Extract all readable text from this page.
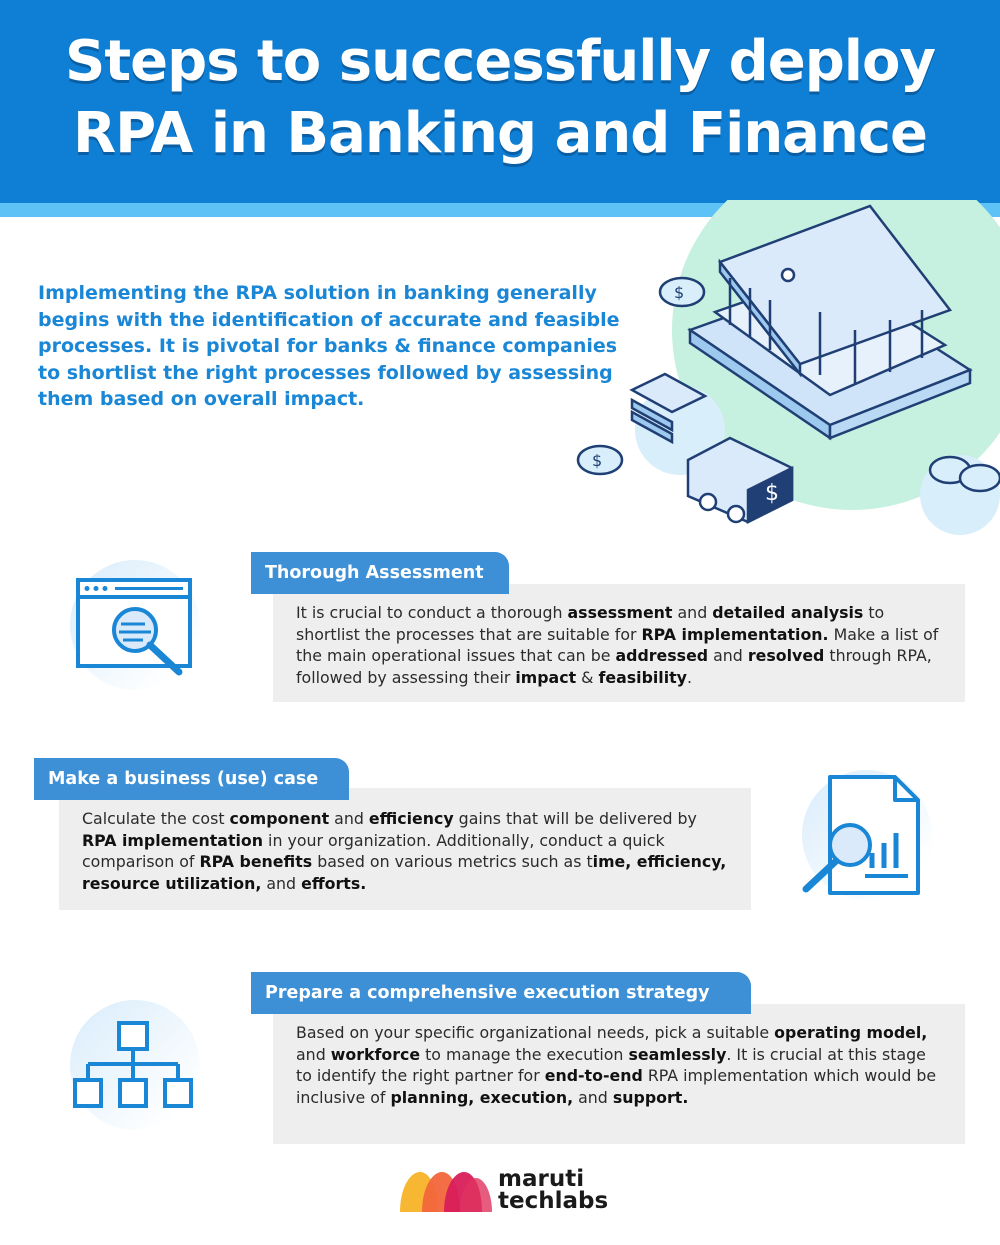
Steps to successfully deploy
RPA in Banking and Finance
Implementing the RPA solution in banking generally begins with the identification of accurate and feasible processes. It is pivotal for banks & finance companies to shortlist the right processes followed by assessing them based on overall impact.
$
$
$
It is crucial to conduct a thorough assessment and detailed analysis to shortlist the processes that are suitable for RPA implementation. Make a list of the main operational issues that can be addressed and resolved through RPA, followed by assessing their impact & feasibility.
Thorough Assessment
Calculate the cost component and efficiency gains that will be delivered by RPA implementation in your organization. Additionally, conduct a quick comparison of RPA benefits based on various metrics such as time, efficiency, resource utilization, and efforts.
Make a business (use) case
Based on your specific organizational needs, pick a suitable operating model, and workforce to manage the execution seamlessly. It is crucial at this stage to identify the right partner for end-to-end RPA implementation which would be inclusive of planning, execution, and support.
Prepare a comprehensive execution strategy
maruti
techlabs
